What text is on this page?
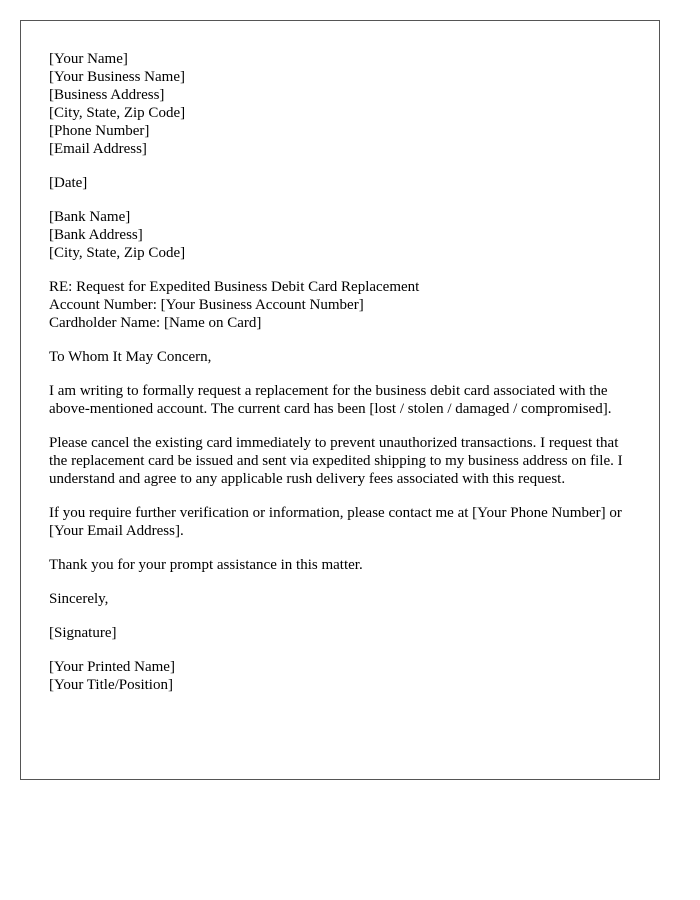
[Your Name]
[Your Business Name]
[Business Address]
[City, State, Zip Code]
[Phone Number]
[Email Address]
[Date]
[Bank Name]
[Bank Address]
[City, State, Zip Code]
RE: Request for Expedited Business Debit Card Replacement
Account Number: [Your Business Account Number]
Cardholder Name: [Name on Card]
To Whom It May Concern,

I am writing to formally request a replacement for the business debit card associated with the above-mentioned account. The current card has been [lost / stolen / damaged / compromised].

Please cancel the existing card immediately to prevent unauthorized transactions. I request that the replacement card be issued and sent via expedited shipping to my business address on file. I understand and agree to any applicable rush delivery fees associated with this request.

If you require further verification or information, please contact me at [Your Phone Number] or [Your Email Address].

Thank you for your prompt assistance in this matter.

Sincerely,
[Signature]
[Your Printed Name]
[Your Title/Position]
